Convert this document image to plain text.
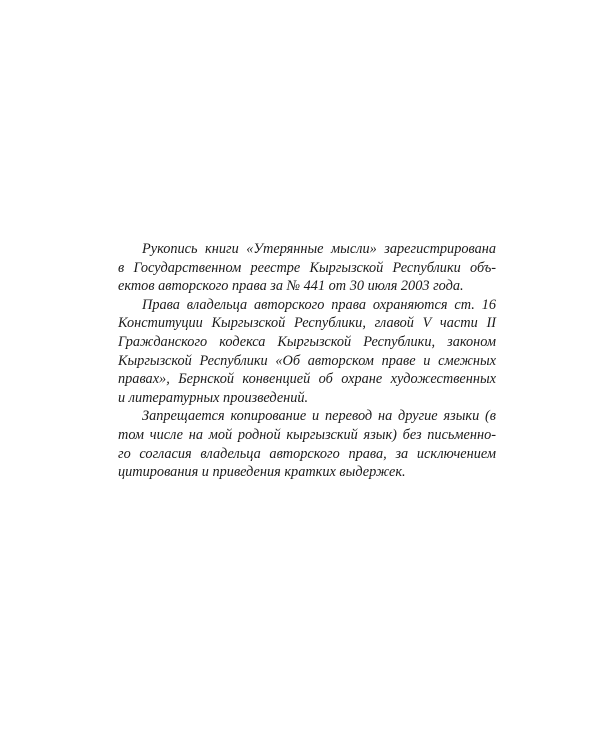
Рукопись книги «Утерянные мысли» зарегистрирована
в Государственном реестре Кыргызской Республики объ-
ектов авторского права за № 441 от 30 июля 2003 года.

Права владельца авторского права охраняются ст. 16
Конституции Кыргызской Республики, главой V части II
Гражданского кодекса Кыргызской Республики, законом
Кыргызской Республики «Об авторском праве и смежных
правах», Бернской конвенцией об охране художественных
и литературных произведений.

Запрещается копирование и перевод на другие языки (в
том числе на мой родной кыргызский язык) без письменно-
го согласия владельца авторского права, за исключением
цитирования и приведения кратких выдержек.
